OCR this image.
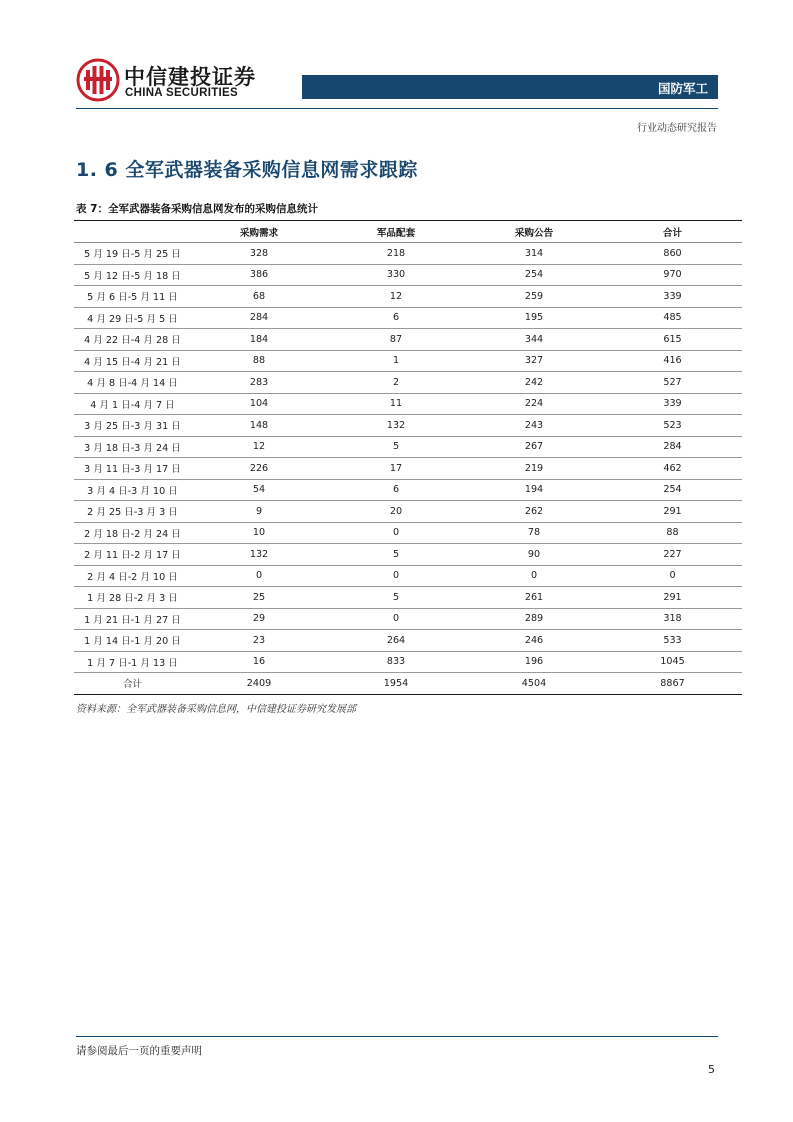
中信建投证券
CHINA SECURITIES	国防军工
行业动态研究报告
1. 6 全军武器装备采购信息网需求跟踪
表 7：全军武器装备采购信息网发布的采购信息统计
	采购需求	军品配套	采购公告	合计
5 月 19 日-5 月 25 日	328	218	314	860
5 月 12 日-5 月 18 日	386	330	254	970
5 月 6 日-5 月 11 日	68	12	259	339
4 月 29 日-5 月 5 日	284	6	195	485
4 月 22 日-4 月 28 日	184	87	344	615
4 月 15 日-4 月 21 日	88	1	327	416
4 月 8 日-4 月 14 日	283	2	242	527
4 月 1 日-4 月 7 日	104	11	224	339
3 月 25 日-3 月 31 日	148	132	243	523
3 月 18 日-3 月 24 日	12	5	267	284
3 月 11 日-3 月 17 日	226	17	219	462
3 月 4 日-3 月 10 日	54	6	194	254
2 月 25 日-3 月 3 日	9	20	262	291
2 月 18 日-2 月 24 日	10	0	78	88
2 月 11 日-2 月 17 日	132	5	90	227
2 月 4 日-2 月 10 日	0	0	0	0
1 月 28 日-2 月 3 日	25	5	261	291
1 月 21 日-1 月 27 日	29	0	289	318
1 月 14 日-1 月 20 日	23	264	246	533
1 月 7 日-1 月 13 日	16	833	196	1045
合计	2409	1954	4504	8867
资料来源：全军武器装备采购信息网，中信建投证券研究发展部
请参阅最后一页的重要声明
5
